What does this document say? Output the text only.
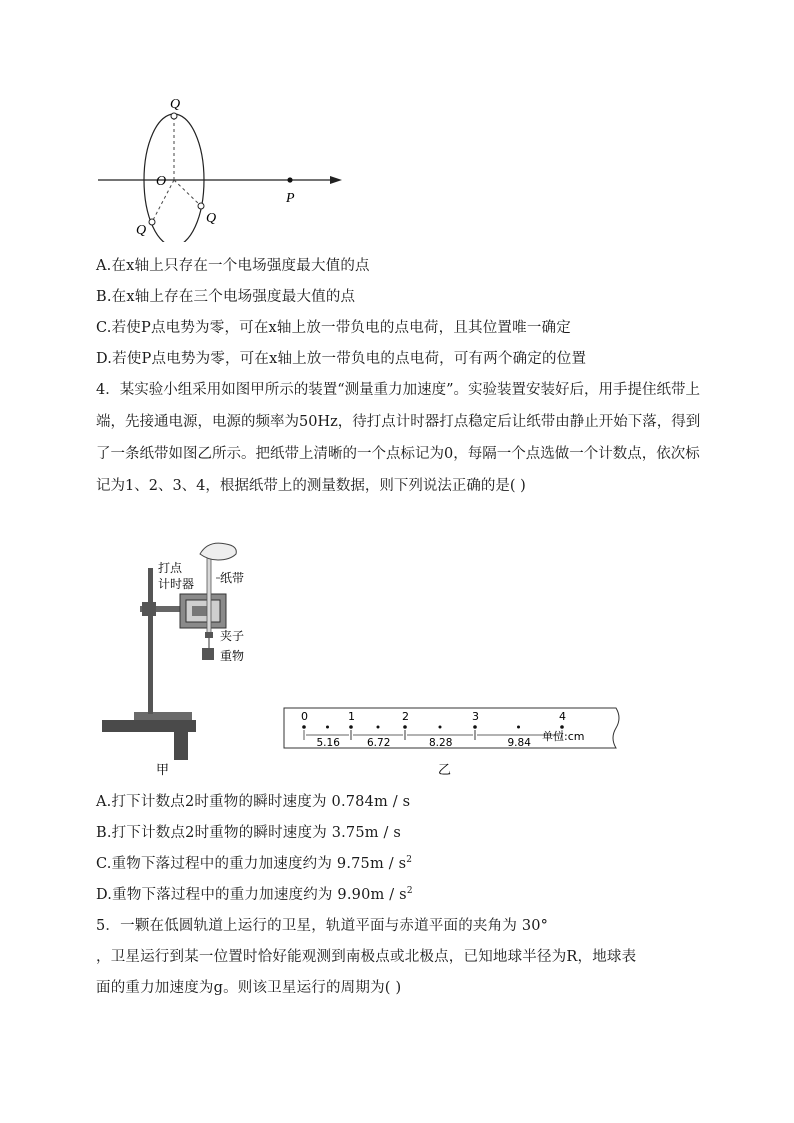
Q
O
Q
Q
P
A.在x轴上只存在一个电场强度最大值的点
B.在x轴上存在三个电场强度最大值的点
C.若使P点电势为零，可在x轴上放一带负电的点电荷，且其位置唯一确定
D.若使P点电势为零，可在x轴上放一带负电的点电荷，可有两个确定的位置
4．某实验小组采用如图甲所示的装置“测量重力加速度”。实验装置安装好后，用手提住纸带上端，先接通电源，电源的频率为50Hz，待打点计时器打点稳定后让纸带由静止开始下落，得到了一条纸带如图乙所示。把纸带上清晰的一个点标记为0，每隔一个点选做一个计数点，依次标记为1、2、3、4，根据纸带上的测量数据，则下列说法正确的是( )
打点
计时器 纸带
夹子
重物
甲
0	1	2	3	4
5.16	6.72	8.28	9.84 单位:cm
乙
A.打下计数点2时重物的瞬时速度为 0.784m / s
B.打下计数点2时重物的瞬时速度为 3.75m / s
C.重物下落过程中的重力加速度约为 $9.75m / s^2$
D.重物下落过程中的重力加速度约为 $9.90m / s^2$
5．一颗在低圆轨道上运行的卫星，轨道平面与赤道平面的夹角为 30°
，卫星运行到某一位置时恰好能观测到南极点或北极点，已知地球半径为R，地球表
面的重力加速度为g。则该卫星运行的周期为( )
